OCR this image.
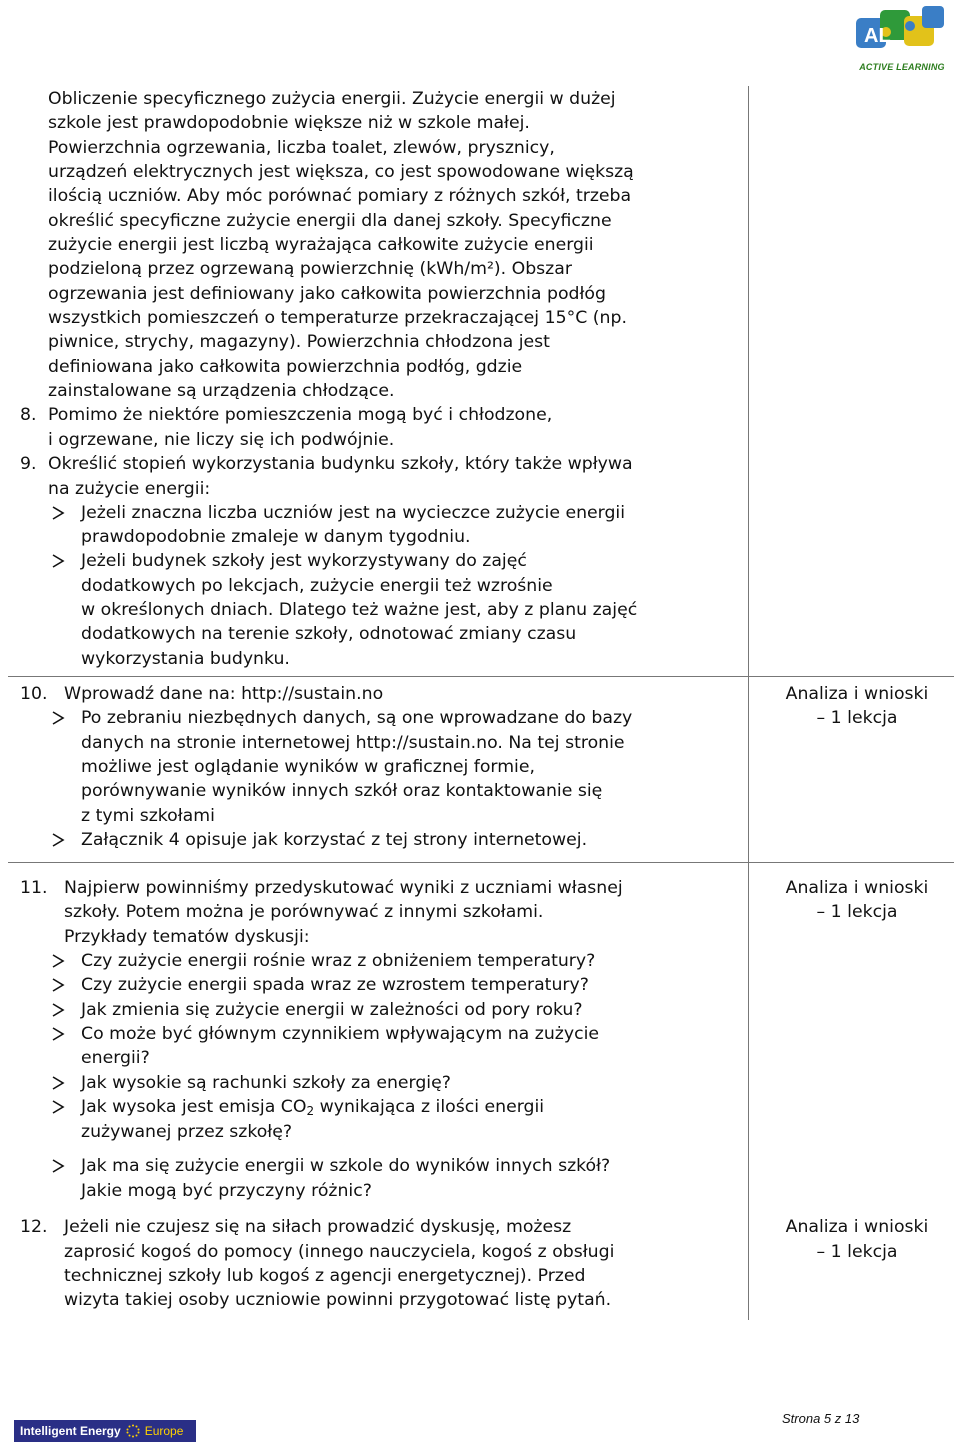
AL
ACTIVE LEARNING
Obliczenie specyficznego zużycia energii. Zużycie energii w dużej
szkole jest prawdopodobnie większe niż w szkole małej.
Powierzchnia ogrzewania, liczba toalet, zlewów, prysznicy,
urządzeń elektrycznych jest większa, co jest spowodowane większą
ilością uczniów. Aby móc porównać pomiary z różnych szkół, trzeba
określić specyficzne zużycie energii dla danej szkoły. Specyficzne
zużycie energii jest liczbą wyrażająca całkowite zużycie energii
podzieloną przez ogrzewaną powierzchnię (kWh/m²). Obszar
ogrzewania jest definiowany jako całkowita powierzchnia podłóg
wszystkich pomieszczeń o temperaturze przekraczającej 15°C (np.
piwnice, strychy, magazyny). Powierzchnia chłodzona jest
definiowana jako całkowita powierzchnia podłóg, gdzie
zainstalowane są urządzenia chłodzące.
8. Pomimo że niektóre pomieszczenia mogą być i chłodzone,
i ogrzewane, nie liczy się ich podwójnie.
9. Określić stopień wykorzystania budynku szkoły, który także wpływa
na zużycie energii:
Jeżeli znaczna liczba uczniów jest na wycieczce zużycie energii
prawdopodobnie zmaleje w danym tygodniu.
Jeżeli budynek szkoły jest wykorzystywany do zajęć
dodatkowych po lekcjach, zużycie energii też wzrośnie
w określonych dniach. Dlatego też ważne jest, aby z planu zajęć
dodatkowych na terenie szkoły, odnotować zmiany czasu
wykorzystania budynku.
10. Wprowadź dane na: http://sustain.no
Po zebraniu niezbędnych danych, są one wprowadzane do bazy
danych na stronie internetowej http://sustain.no. Na tej stronie
możliwe jest oglądanie wyników w graficznej formie,
porównywanie wyników innych szkół oraz kontaktowanie się
z tymi szkołami
Załącznik 4 opisuje jak korzystać z tej strony internetowej.
Analiza i wnioski
– 1 lekcja
11. Najpierw powinniśmy przedyskutować wyniki z uczniami własnej
szkoły. Potem można je porównywać z innymi szkołami.
Przykłady tematów dyskusji:
Czy zużycie energii rośnie wraz z obniżeniem temperatury?
Czy zużycie energii spada wraz ze wzrostem temperatury?
Jak zmienia się zużycie energii w zależności od pory roku?
Co może być głównym czynnikiem wpływającym na zużycie
energii?
Jak wysokie są rachunki szkoły za energię?
Jak wysoka jest emisja $CO_2$ wynikająca z ilości energii
zużywanej przez szkołę?
Jak ma się zużycie energii w szkole do wyników innych szkół?
Jakie mogą być przyczyny różnic?
Analiza i wnioski
– 1 lekcja
12. Jeżeli nie czujesz się na siłach prowadzić dyskusję, możesz
zaprosić kogoś do pomocy (innego nauczyciela, kogoś z obsługi
technicznej szkoły lub kogoś z agencji energetycznej). Przed
wizyta takiej osoby uczniowie powinni przygotować listę pytań.
Analiza i wnioski
– 1 lekcja
Intelligent Energy Europe
Strona 5 z 13
